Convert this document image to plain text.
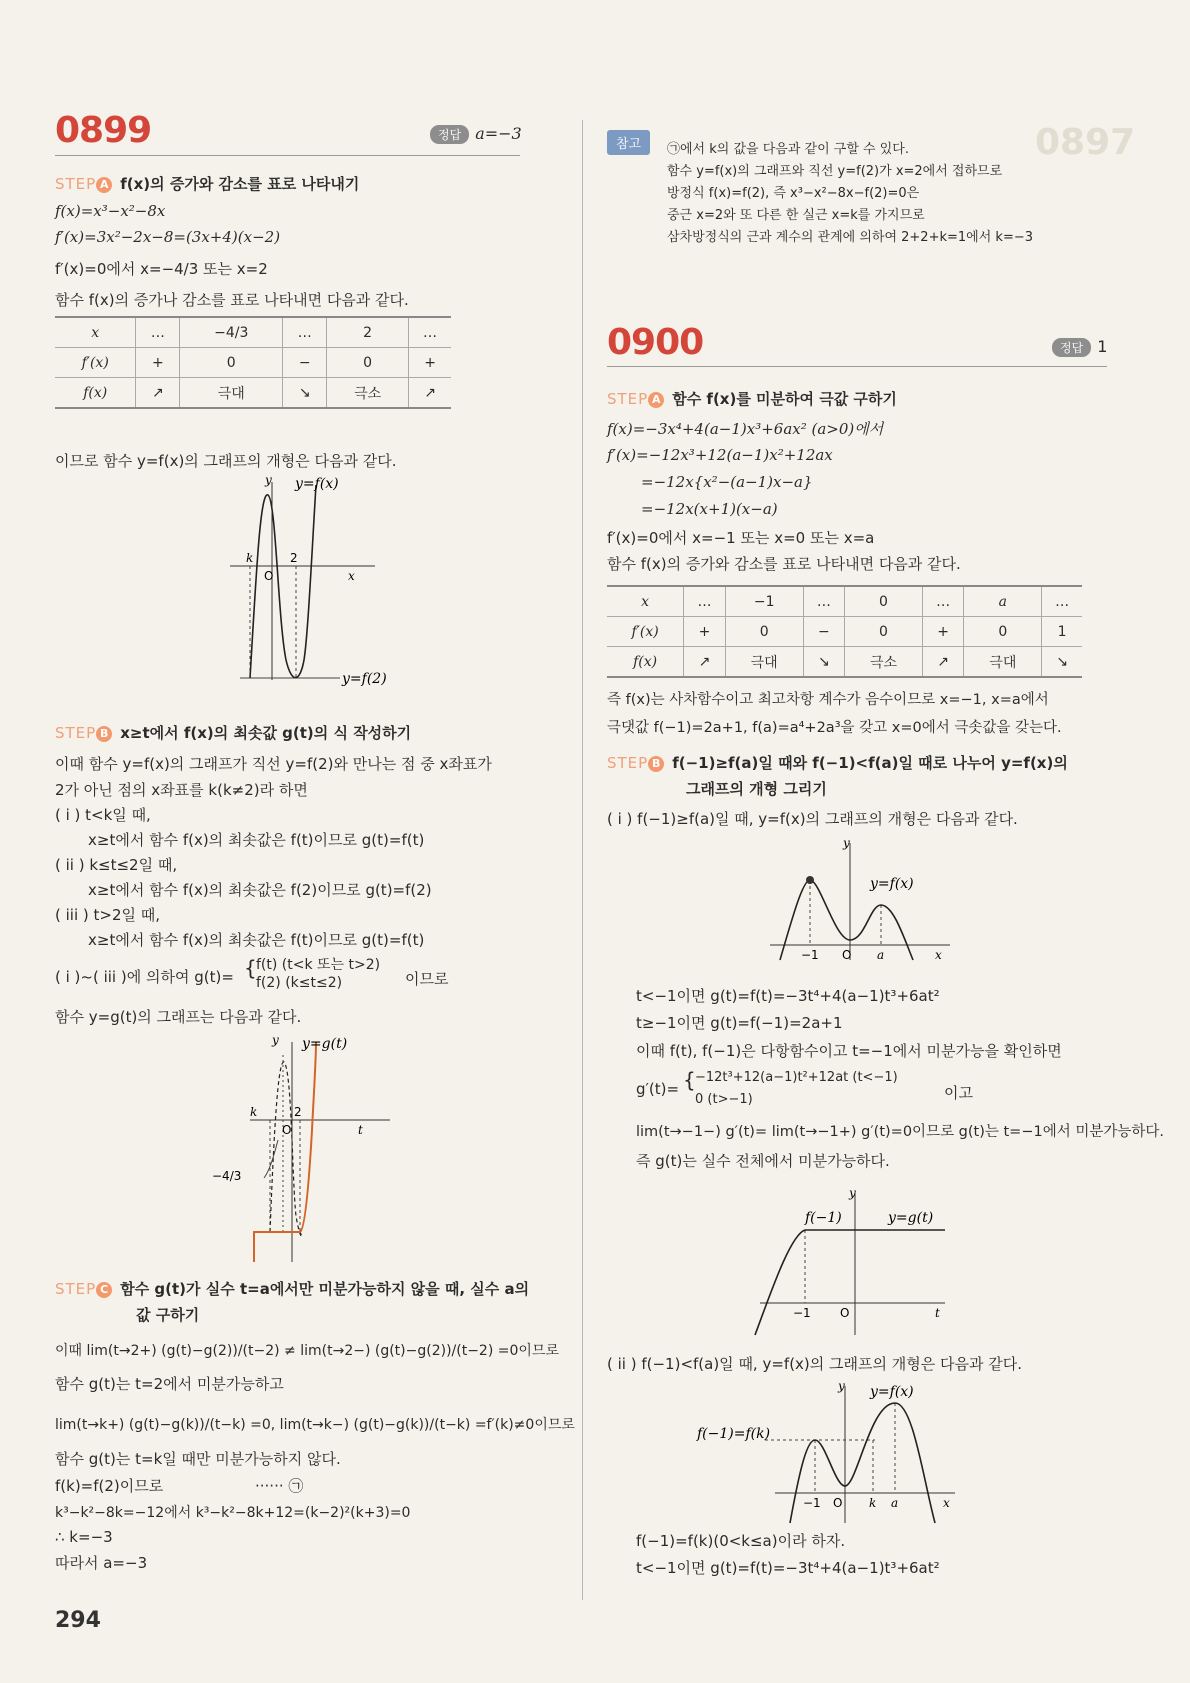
0899	정답 a=−3
STEP A f(x)의 증가와 감소를 표로 나타내기
f(x)=x³−x²−8x
f′(x)=3x²−2x−8=(3x+4)(x−2)
f′(x)=0에서 x=−4/3 또는 x=2
함수 f(x)의 증가나 감소를 표로 나타내면 다음과 같다.
x	…	−4/3	…	2	…
f′(x)	+	0	−	0	+
f(x)	↗	극대	↘	극소	↗
이므로 함수 y=f(x)의 그래프의 개형은 다음과 같다.
y y=f(x)
k	2
O	x
y=f(2)
STEP B x≥t에서 f(x)의 최솟값 g(t)의 식 작성하기
이때 함수 y=f(x)의 그래프가 직선 y=f(2)와 만나는 점 중 x좌표가
2가 아닌 점의 x좌표를 k(k≠2)라 하면
( i ) t<k일 때,
x≥t에서 함수 f(x)의 최솟값은 f(t)이므로 g(t)=f(t)
( ii ) k≤t≤2일 때,
x≥t에서 함수 f(x)의 최솟값은 f(2)이므로 g(t)=f(2)
( iii ) t>2일 때,
x≥t에서 함수 f(x)의 최솟값은 f(t)이므로 g(t)=f(t)
( i )~( iii )에 의하여 g(t)= { f(t) (t<k 또는 t>2)
f(2) (k≤t≤2)	이므로
함수 y=g(t)의 그래프는 다음과 같다.
y y=g(t)
k	2
O	t
−4/3
STEP C 함수 g(t)가 실수 t=a에서만 미분가능하지 않을 때, 실수 a의
값 구하기
이때 lim(t→2+) (g(t)−g(2))/(t−2) ≠ lim(t→2−) (g(t)−g(2))/(t−2) =0이므로
함수 g(t)는 t=2에서 미분가능하고
lim(t→k+) (g(t)−g(k))/(t−k) =0, lim(t→k−) (g(t)−g(k))/(t−k) =f′(k)≠0이므로
함수 g(t)는 t=k일 때만 미분가능하지 않다.
f(k)=f(2)이므로	······ ㉠
k³−k²−8k=−12에서 k³−k²−8k+12=(k−2)²(k+3)=0
∴ k=−3
따라서 a=−3
294
0897
참고	㉠에서 k의 값을 다음과 같이 구할 수 있다.
함수 y=f(x)의 그래프와 직선 y=f(2)가 x=2에서 접하므로
방정식 f(x)=f(2), 즉 x³−x²−8x−f(2)=0은
중근 x=2와 또 다른 한 실근 x=k를 가지므로
삼차방정식의 근과 계수의 관계에 의하여 2+2+k=1에서 k=−3
0900	정답 1
STEP A 함수 f(x)를 미분하여 극값 구하기
f(x)=−3x⁴+4(a−1)x³+6ax² (a>0)에서
f′(x)=−12x³+12(a−1)x²+12ax
=−12x{x²−(a−1)x−a}
=−12x(x+1)(x−a)
f′(x)=0에서 x=−1 또는 x=0 또는 x=a
함수 f(x)의 증가와 감소를 표로 나타내면 다음과 같다.
x	…	−1	…	0	…	a	…
f′(x)	+	0	−	0	+	0	1
f(x)	↗	극대	↘	극소	↗	극대	↘
즉 f(x)는 사차함수이고 최고차항 계수가 음수이므로 x=−1, x=a에서
극댓값 f(−1)=2a+1, f(a)=a⁴+2a³을 갖고 x=0에서 극솟값을 갖는다.
STEP B f(−1)≥f(a)일 때와 f(−1)<f(a)일 때로 나누어 y=f(x)의
그래프의 개형 그리기
( i ) f(−1)≥f(a)일 때, y=f(x)의 그래프의 개형은 다음과 같다.
y
y=f(x)
−1 O a	x
t<−1이면 g(t)=f(t)=−3t⁴+4(a−1)t³+6at²
t≥−1이면 g(t)=f(−1)=2a+1
이때 f(t), f(−1)은 다항함수이고 t=−1에서 미분가능을 확인하면
g′(t)= { −12t³+12(a−1)t²+12at (t<−1)
0 (t>−1)	이고
lim(t→−1−) g′(t)= lim(t→−1+) g′(t)=0이므로 g(t)는 t=−1에서 미분가능하다.
즉 g(t)는 실수 전체에서 미분가능하다.
y
f(−1)	y=g(t)
−1 O	t
( ii ) f(−1)<f(a)일 때, y=f(x)의 그래프의 개형은 다음과 같다.
y y=f(x)
f(−1)=f(k)
−1 O k a	x
f(−1)=f(k)(0<k≤a)이라 하자.
t<−1이면 g(t)=f(t)=−3t⁴+4(a−1)t³+6at²
